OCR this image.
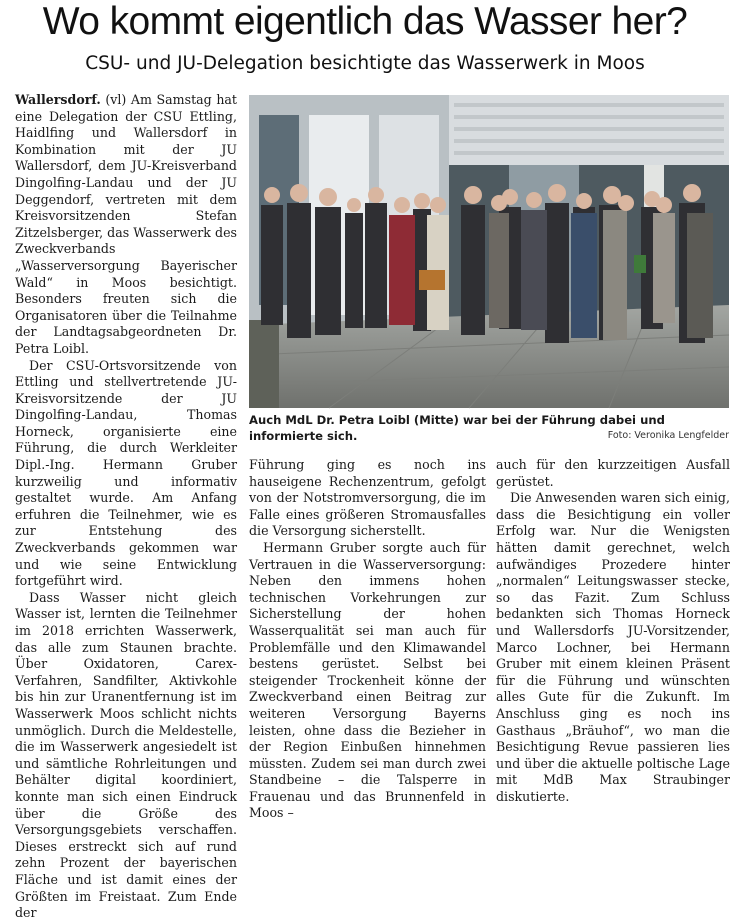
Wo kommt eigentlich das Wasser her?
CSU- und JU-Delegation besichtigte das Wasserwerk in Moos

Wallersdorf. (vl) Am Samstag hat eine Delegation der CSU Ettling, Haidlfing und Wallersdorf in Kombination mit der JU Wallersdorf, dem JU-Kreisverband Dingolfing-Landau und der JU Deggendorf, vertreten mit dem Kreisvorsitzenden Stefan Zitzelsberger, das Wasserwerk des Zweckverbands „Wasserversorgung Bayerischer Wald“ in Moos besichtigt. Besonders freuten sich die Organisatoren über die Teilnahme der Landtagsabgeordneten Dr. Petra Loibl.

Der CSU-Ortsvorsitzende von Ettling und stellvertretende JU-Kreisvorsitzende der JU Dingolfing-Landau, Thomas Horneck, organisierte eine Führung, die durch Werkleiter Dipl.-Ing. Hermann Gruber kurzweilig und informativ gestaltet wurde. Am Anfang erfuhren die Teilnehmer, wie es zur Entstehung des Zweckverbands gekommen war und wie seine Entwicklung fortgeführt wird.

Dass Wasser nicht gleich Wasser ist, lernten die Teilnehmer im 2018 errichten Wasserwerk, das alle zum Staunen brachte. Über Oxidatoren, Carex-Verfahren, Sandfilter, Aktivkohle bis hin zur Uranentfernung ist im Wasserwerk Moos schlicht nichts unmöglich. Durch die Meldestelle, die im Wasserwerk angesiedelt ist und sämtliche Rohrleitungen und Behälter digital koordiniert, konnte man sich einen Eindruck über die Größe des Versorgungsgebiets verschaffen. Dieses erstreckt sich auf rund zehn Prozent der bayerischen Fläche und ist damit eines der Größten im Freistaat. Zum Ende der

Auch MdL Dr. Petra Loibl (Mitte) war bei der Führung dabei und informierte sich.	Foto: Veronika Lengfelder

Führung ging es noch ins hauseigene Rechenzentrum, gefolgt von der Notstromversorgung, die im Falle eines größeren Stromausfalles die Versorgung sicherstellt.

Hermann Gruber sorgte auch für Vertrauen in die Wasserversorgung: Neben den immens hohen technischen Vorkehrungen zur Sicherstellung der hohen Wasserqualität sei man auch für Problemfälle und den Klimawandel bestens gerüstet. Selbst bei steigender Trockenheit könne der Zweckverband einen Beitrag zur weiteren Versorgung Bayerns leisten, ohne dass die Bezieher in der Region Einbußen hinnehmen müssten. Zudem sei man durch zwei Standbeine – die Talsperre in Frauenau und das Brunnenfeld in Moos –

auch für den kurzzeitigen Ausfall gerüstet.

Die Anwesenden waren sich einig, dass die Besichtigung ein voller Erfolg war. Nur die Wenigsten hätten damit gerechnet, welch aufwändiges Prozedere hinter „normalen“ Leitungswasser stecke, so das Fazit. Zum Schluss bedankten sich Thomas Horneck und Wallersdorfs JU-Vorsitzender, Marco Lochner, bei Hermann Gruber mit einem kleinen Präsent für die Führung und wünschten alles Gute für die Zukunft. Im Anschluss ging es noch ins Gasthaus „Bräuhof“, wo man die Besichtigung Revue passieren lies und über die aktuelle poltische Lage mit MdB Max Straubinger diskutierte.
